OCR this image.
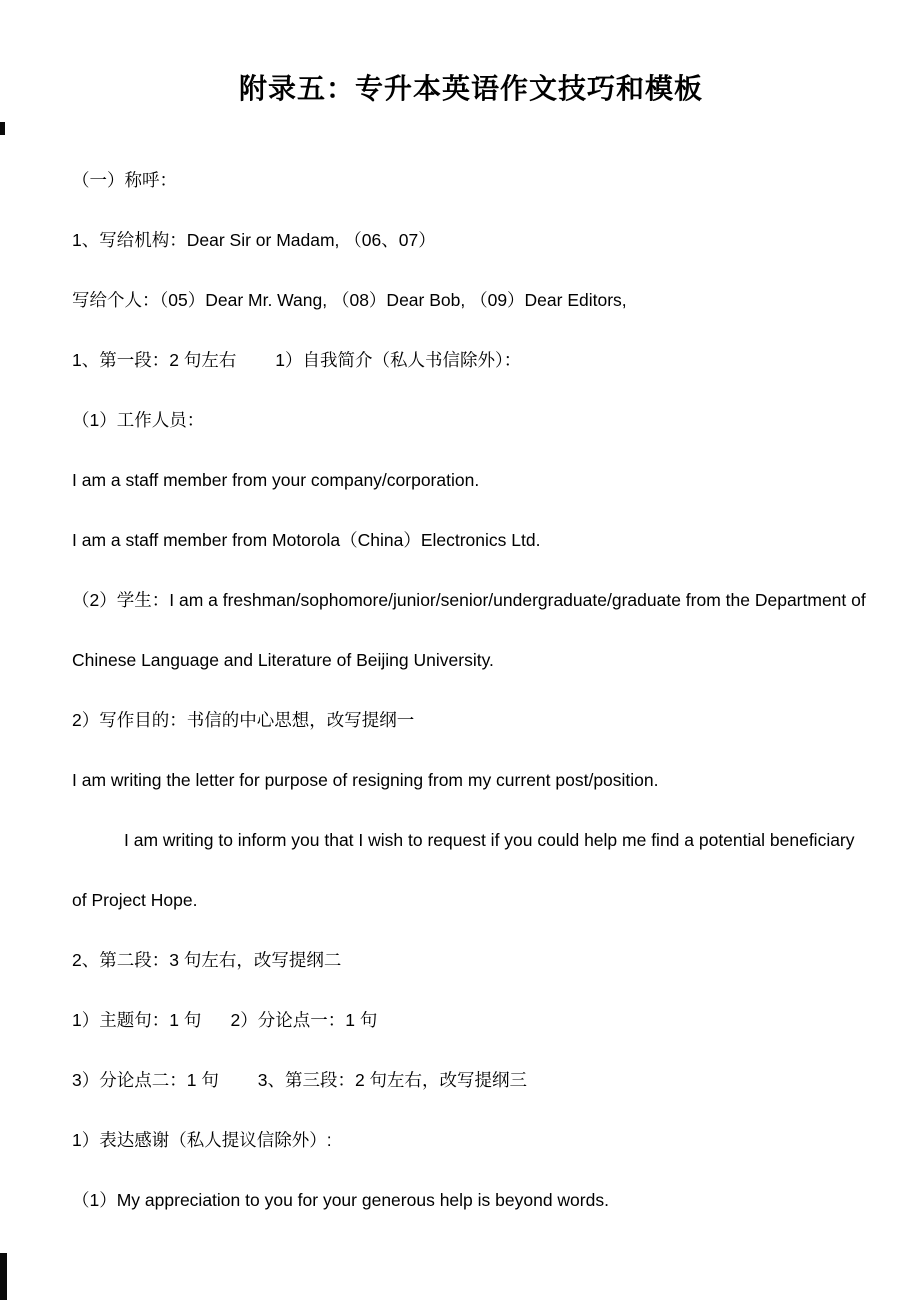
附录五：专升本英语作文技巧和模板

（一）称呼：

1、写给机构：Dear Sir or Madam, （06、07）

写给个人：（05）Dear Mr. Wang, （08）Dear Bob, （09）Dear Editors,

1、第一段：2 句左右        1）自我简介（私人书信除外）：

（1）工作人员：

I am a staff member from your company/corporation.

I am a staff member from Motorola（China）Electronics Ltd.

（2）学生：I am a freshman/sophomore/junior/senior/undergraduate/graduate from the Department of Chinese Language and Literature of Beijing University.

2）写作目的：书信的中心思想，改写提纲一

I am writing the letter for purpose of resigning from my current post/position.

I am writing to inform you that I wish to request if you could help me find a potential beneficiary of Project Hope.

2、第二段：3 句左右，改写提纲二

1）主题句：1 句      2）分论点一：1 句

3）分论点二：1 句        3、第三段：2 句左右，改写提纲三

1）表达感谢（私人提议信除外）:

（1）My appreciation to you for your generous help is beyond words.
